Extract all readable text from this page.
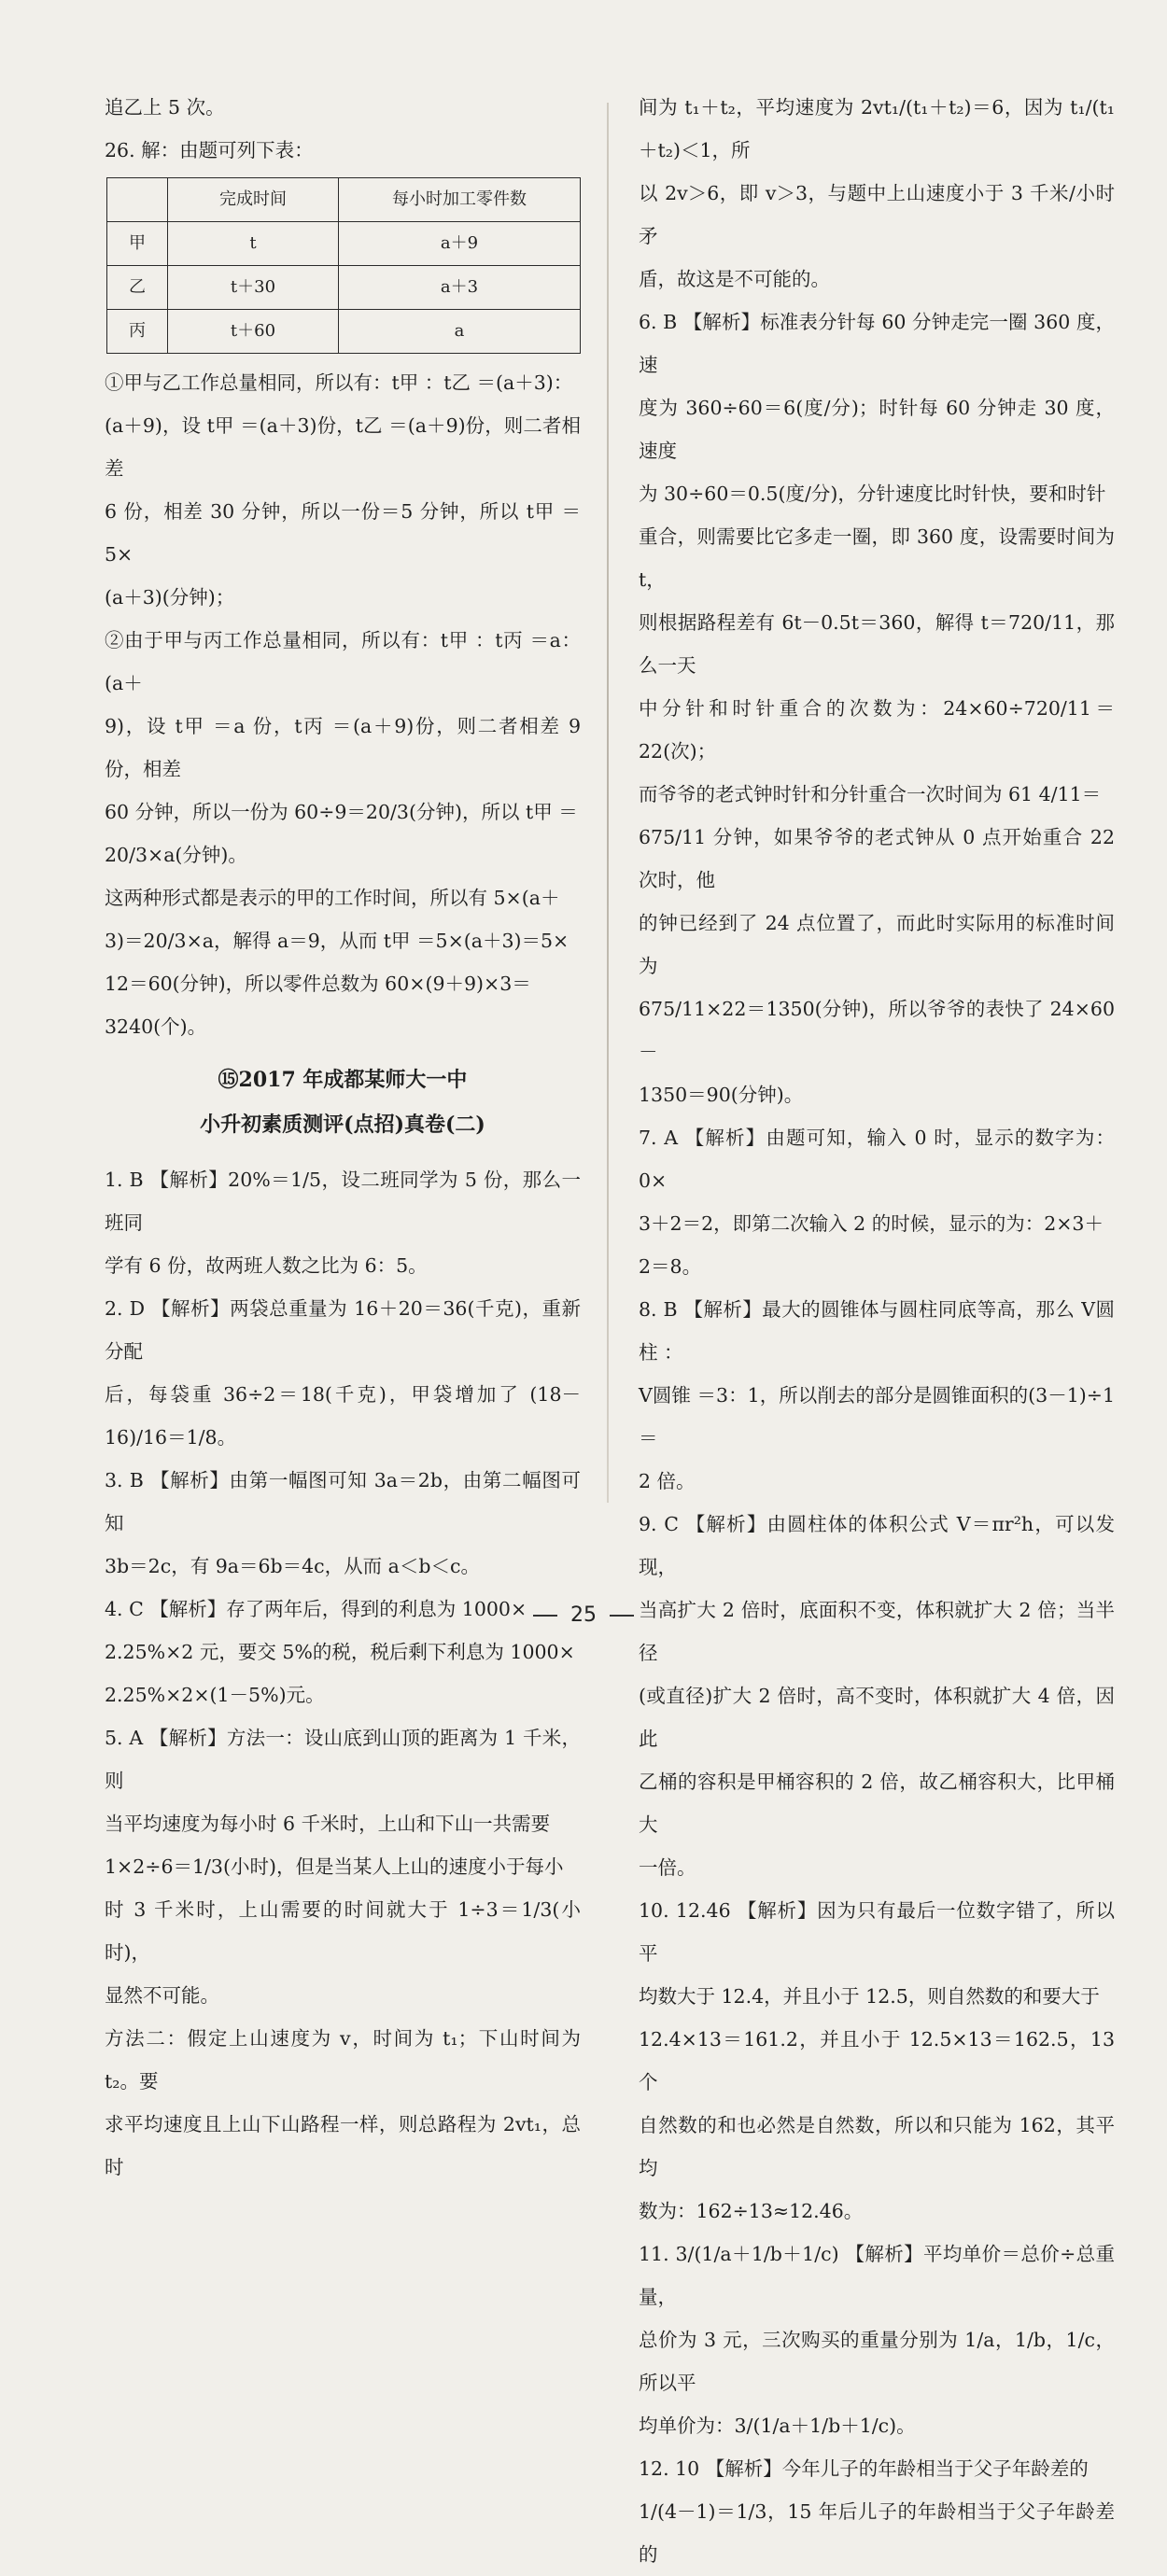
追乙上 5 次。

26. 解：由题可列下表：

	完成时间	每小时加工零件数
甲	t	a＋9
乙	t＋30	a＋3
丙	t＋60	a

①甲与乙工作总量相同，所以有：t甲 ：t乙 ＝(a＋3)：

(a＋9)，设 t甲 ＝(a＋3)份，t乙 ＝(a＋9)份，则二者相差

6 份，相差 30 分钟，所以一份＝5 分钟，所以 t甲 ＝5×

(a＋3)(分钟)；

②由于甲与丙工作总量相同，所以有：t甲 ：t丙 ＝a：(a＋

9)，设 t甲 ＝a 份，t丙 ＝(a＋9)份，则二者相差 9 份，相差

60 分钟，所以一份为 60÷9＝20/3(分钟)，所以 t甲 ＝

20/3×a(分钟)。

这两种形式都是表示的甲的工作时间，所以有 5×(a＋

3)＝20/3×a，解得 a＝9，从而 t甲 ＝5×(a＋3)＝5×

12＝60(分钟)，所以零件总数为 60×(9＋9)×3＝

3240(个)。

⑮2017 年成都某师大一中
小升初素质测评(点招)真卷(二)

1. B 【解析】20%＝1/5，设二班同学为 5 份，那么一班同

学有 6 份，故两班人数之比为 6：5。

2. D 【解析】两袋总重量为 16＋20＝36(千克)，重新分配

后，每袋重 36÷2＝18(千克)，甲袋增加了 (18－16)/16＝1/8。

3. B 【解析】由第一幅图可知 3a＝2b，由第二幅图可知

3b＝2c，有 9a＝6b＝4c，从而 a＜b＜c。

4. C 【解析】存了两年后，得到的利息为 1000×

2.25%×2 元，要交 5%的税，税后剩下利息为 1000×

2.25%×2×(1－5%)元。

5. A 【解析】方法一：设山底到山顶的距离为 1 千米，则

当平均速度为每小时 6 千米时，上山和下山一共需要

1×2÷6＝1/3(小时)，但是当某人上山的速度小于每小

时 3 千米时，上山需要的时间就大于 1÷3＝1/3(小时)，

显然不可能。

方法二：假定上山速度为 v，时间为 t₁；下山时间为 t₂。要

求平均速度且上山下山路程一样，则总路程为 2vt₁，总时

间为 t₁＋t₂，平均速度为 2vt₁/(t₁＋t₂)＝6，因为 t₁/(t₁＋t₂)＜1，所

以 2v＞6，即 v＞3，与题中上山速度小于 3 千米/小时矛

盾，故这是不可能的。

6. B 【解析】标准表分针每 60 分钟走完一圈 360 度，速

度为 360÷60＝6(度/分)；时针每 60 分钟走 30 度，速度

为 30÷60＝0.5(度/分)，分针速度比时针快，要和时针

重合，则需要比它多走一圈，即 360 度，设需要时间为 t，

则根据路程差有 6t－0.5t＝360，解得 t＝720/11，那么一天

中分针和时针重合的次数为：24×60÷720/11＝22(次)；

而爷爷的老式钟时针和分针重合一次时间为 61 4/11＝

675/11 分钟，如果爷爷的老式钟从 0 点开始重合 22 次时，他

的钟已经到了 24 点位置了，而此时实际用的标准时间为

675/11×22＝1350(分钟)，所以爷爷的表快了 24×60－

1350＝90(分钟)。

7. A 【解析】由题可知，输入 0 时，显示的数字为：0×

3＋2＝2，即第二次输入 2 的时候，显示的为：2×3＋

2＝8。

8. B 【解析】最大的圆锥体与圆柱同底等高，那么 V圆柱 ：

V圆锥 ＝3：1，所以削去的部分是圆锥面积的(3－1)÷1＝

2 倍。

9. C 【解析】由圆柱体的体积公式 V＝πr²h，可以发现，

当高扩大 2 倍时，底面积不变，体积就扩大 2 倍；当半径

(或直径)扩大 2 倍时，高不变时，体积就扩大 4 倍，因此

乙桶的容积是甲桶容积的 2 倍，故乙桶容积大，比甲桶大

一倍。

10. 12.46 【解析】因为只有最后一位数字错了，所以平

均数大于 12.4，并且小于 12.5，则自然数的和要大于

12.4×13＝161.2，并且小于 12.5×13＝162.5，13 个

自然数的和也必然是自然数，所以和只能为 162，其平均

数为：162÷13≈12.46。

11. 3/(1/a＋1/b＋1/c) 【解析】平均单价＝总价÷总重量，

总价为 3 元，三次购买的重量分别为 1/a，1/b，1/c，所以平

均单价为：3/(1/a＋1/b＋1/c)。

12. 10 【解析】今年儿子的年龄相当于父子年龄差的

1/(4－1)＝1/3，15 年后儿子的年龄相当于父子年龄差的

25
